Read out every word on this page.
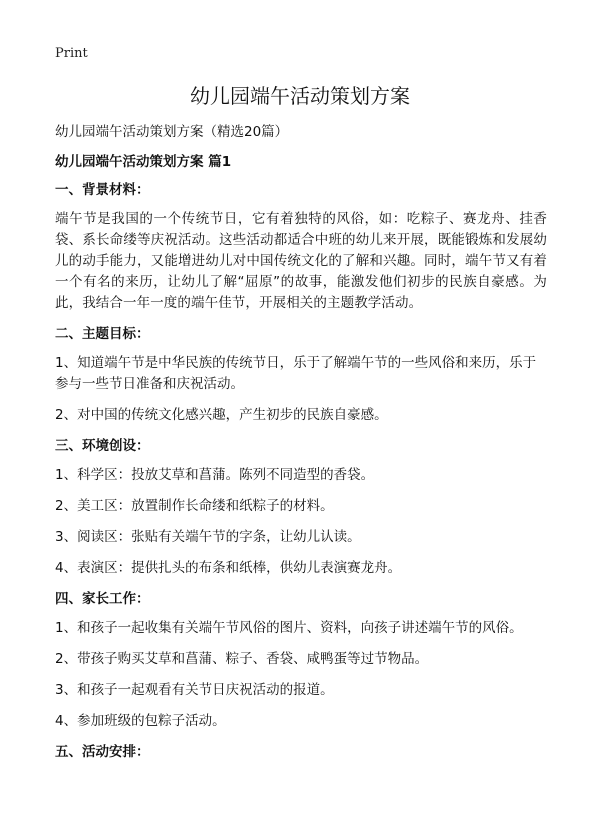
Print
幼儿园端午活动策划方案
幼儿园端午活动策划方案（精选20篇）
幼儿园端午活动策划方案 篇1
一、背景材料：

端午节是我国的一个传统节日，它有着独特的风俗，如：吃粽子、赛龙舟、挂香袋、系长命缕等庆祝活动。这些活动都适合中班的幼儿来开展，既能锻炼和发展幼儿的动手能力，又能增进幼儿对中国传统文化的了解和兴趣。同时，端午节又有着一个有名的来历，让幼儿了解“屈原”的故事，能激发他们初步的民族自豪感。为此，我结合一年一度的端午佳节，开展相关的主题教学活动。

二、主题目标：

1、知道端午节是中华民族的传统节日，乐于了解端午节的一些风俗和来历，乐于参与一些节日准备和庆祝活动。

2、对中国的传统文化感兴趣，产生初步的民族自豪感。

三、环境创设：

1、科学区：投放艾草和菖蒲。陈列不同造型的香袋。

2、美工区：放置制作长命缕和纸粽子的材料。

3、阅读区：张贴有关端午节的字条，让幼儿认读。

4、表演区：提供扎头的布条和纸棒，供幼儿表演赛龙舟。

四、家长工作：

1、和孩子一起收集有关端午节风俗的图片、资料，向孩子讲述端午节的风俗。

2、带孩子购买艾草和菖蒲、粽子、香袋、咸鸭蛋等过节物品。

3、和孩子一起观看有关节日庆祝活动的报道。

4、参加班级的包粽子活动。

五、活动安排：
